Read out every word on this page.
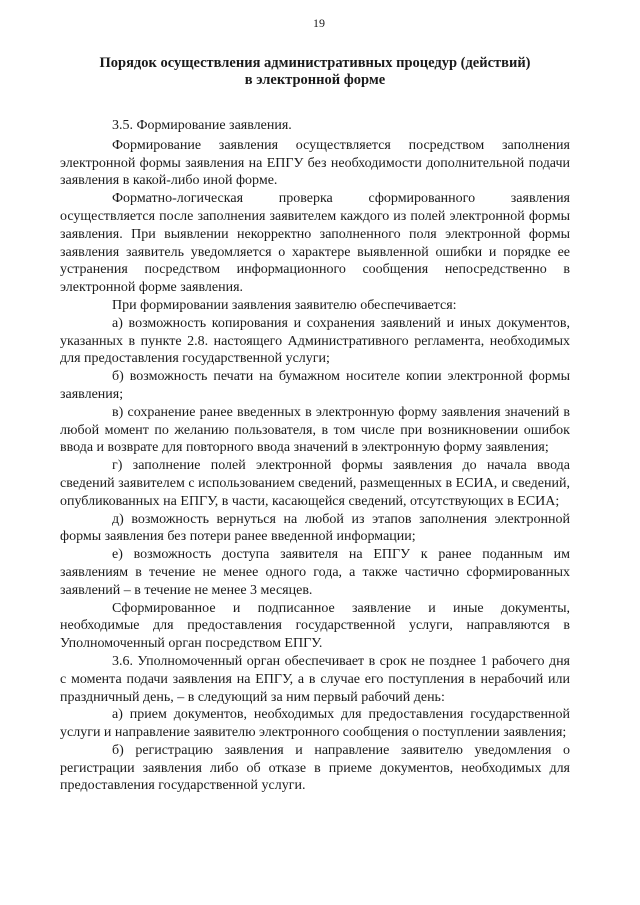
19
Порядок осуществления административных процедур (действий)
в электронной форме

3.5. Формирование заявления.

Формирование заявления осуществляется посредством заполнения электронной формы заявления на ЕПГУ без необходимости дополнительной подачи заявления в какой-либо иной форме.

Форматно-логическая проверка сформированного заявления осуществляется после заполнения заявителем каждого из полей электронной формы заявления. При выявлении некорректно заполненного поля электронной формы заявления заявитель уведомляется о характере выявленной ошибки и порядке ее устранения посредством информационного сообщения непосредственно в электронной форме заявления.

При формировании заявления заявителю обеспечивается:

а) возможность копирования и сохранения заявлений и иных документов, указанных в пункте 2.8. настоящего Административного регламента, необходимых для предоставления государственной услуги;

б) возможность печати на бумажном носителе копии электронной формы заявления;

в) сохранение ранее введенных в электронную форму заявления значений в любой момент по желанию пользователя, в том числе при возникновении ошибок ввода и возврате для повторного ввода значений в электронную форму заявления;

г) заполнение полей электронной формы заявления до начала ввода сведений заявителем с использованием сведений, размещенных в ЕСИА, и сведений, опубликованных на ЕПГУ, в части, касающейся сведений, отсутствующих в ЕСИА;

д) возможность вернуться на любой из этапов заполнения электронной формы заявления без потери ранее введенной информации;

е) возможность доступа заявителя на ЕПГУ к ранее поданным им заявлениям в течение не менее одного года, а также частично сформированных заявлений – в течение не менее 3 месяцев.

Сформированное и подписанное заявление и иные документы, необходимые для предоставления государственной услуги, направляются в Уполномоченный орган посредством ЕПГУ.

3.6. Уполномоченный орган обеспечивает в срок не позднее 1 рабочего дня с момента подачи заявления на ЕПГУ, а в случае его поступления в нерабочий или праздничный день, – в следующий за ним первый рабочий день:

а) прием документов, необходимых для предоставления государственной услуги и направление заявителю электронного сообщения о поступлении заявления;

б) регистрацию заявления и направление заявителю уведомления о регистрации заявления либо об отказе в приеме документов, необходимых для предоставления государственной услуги.
